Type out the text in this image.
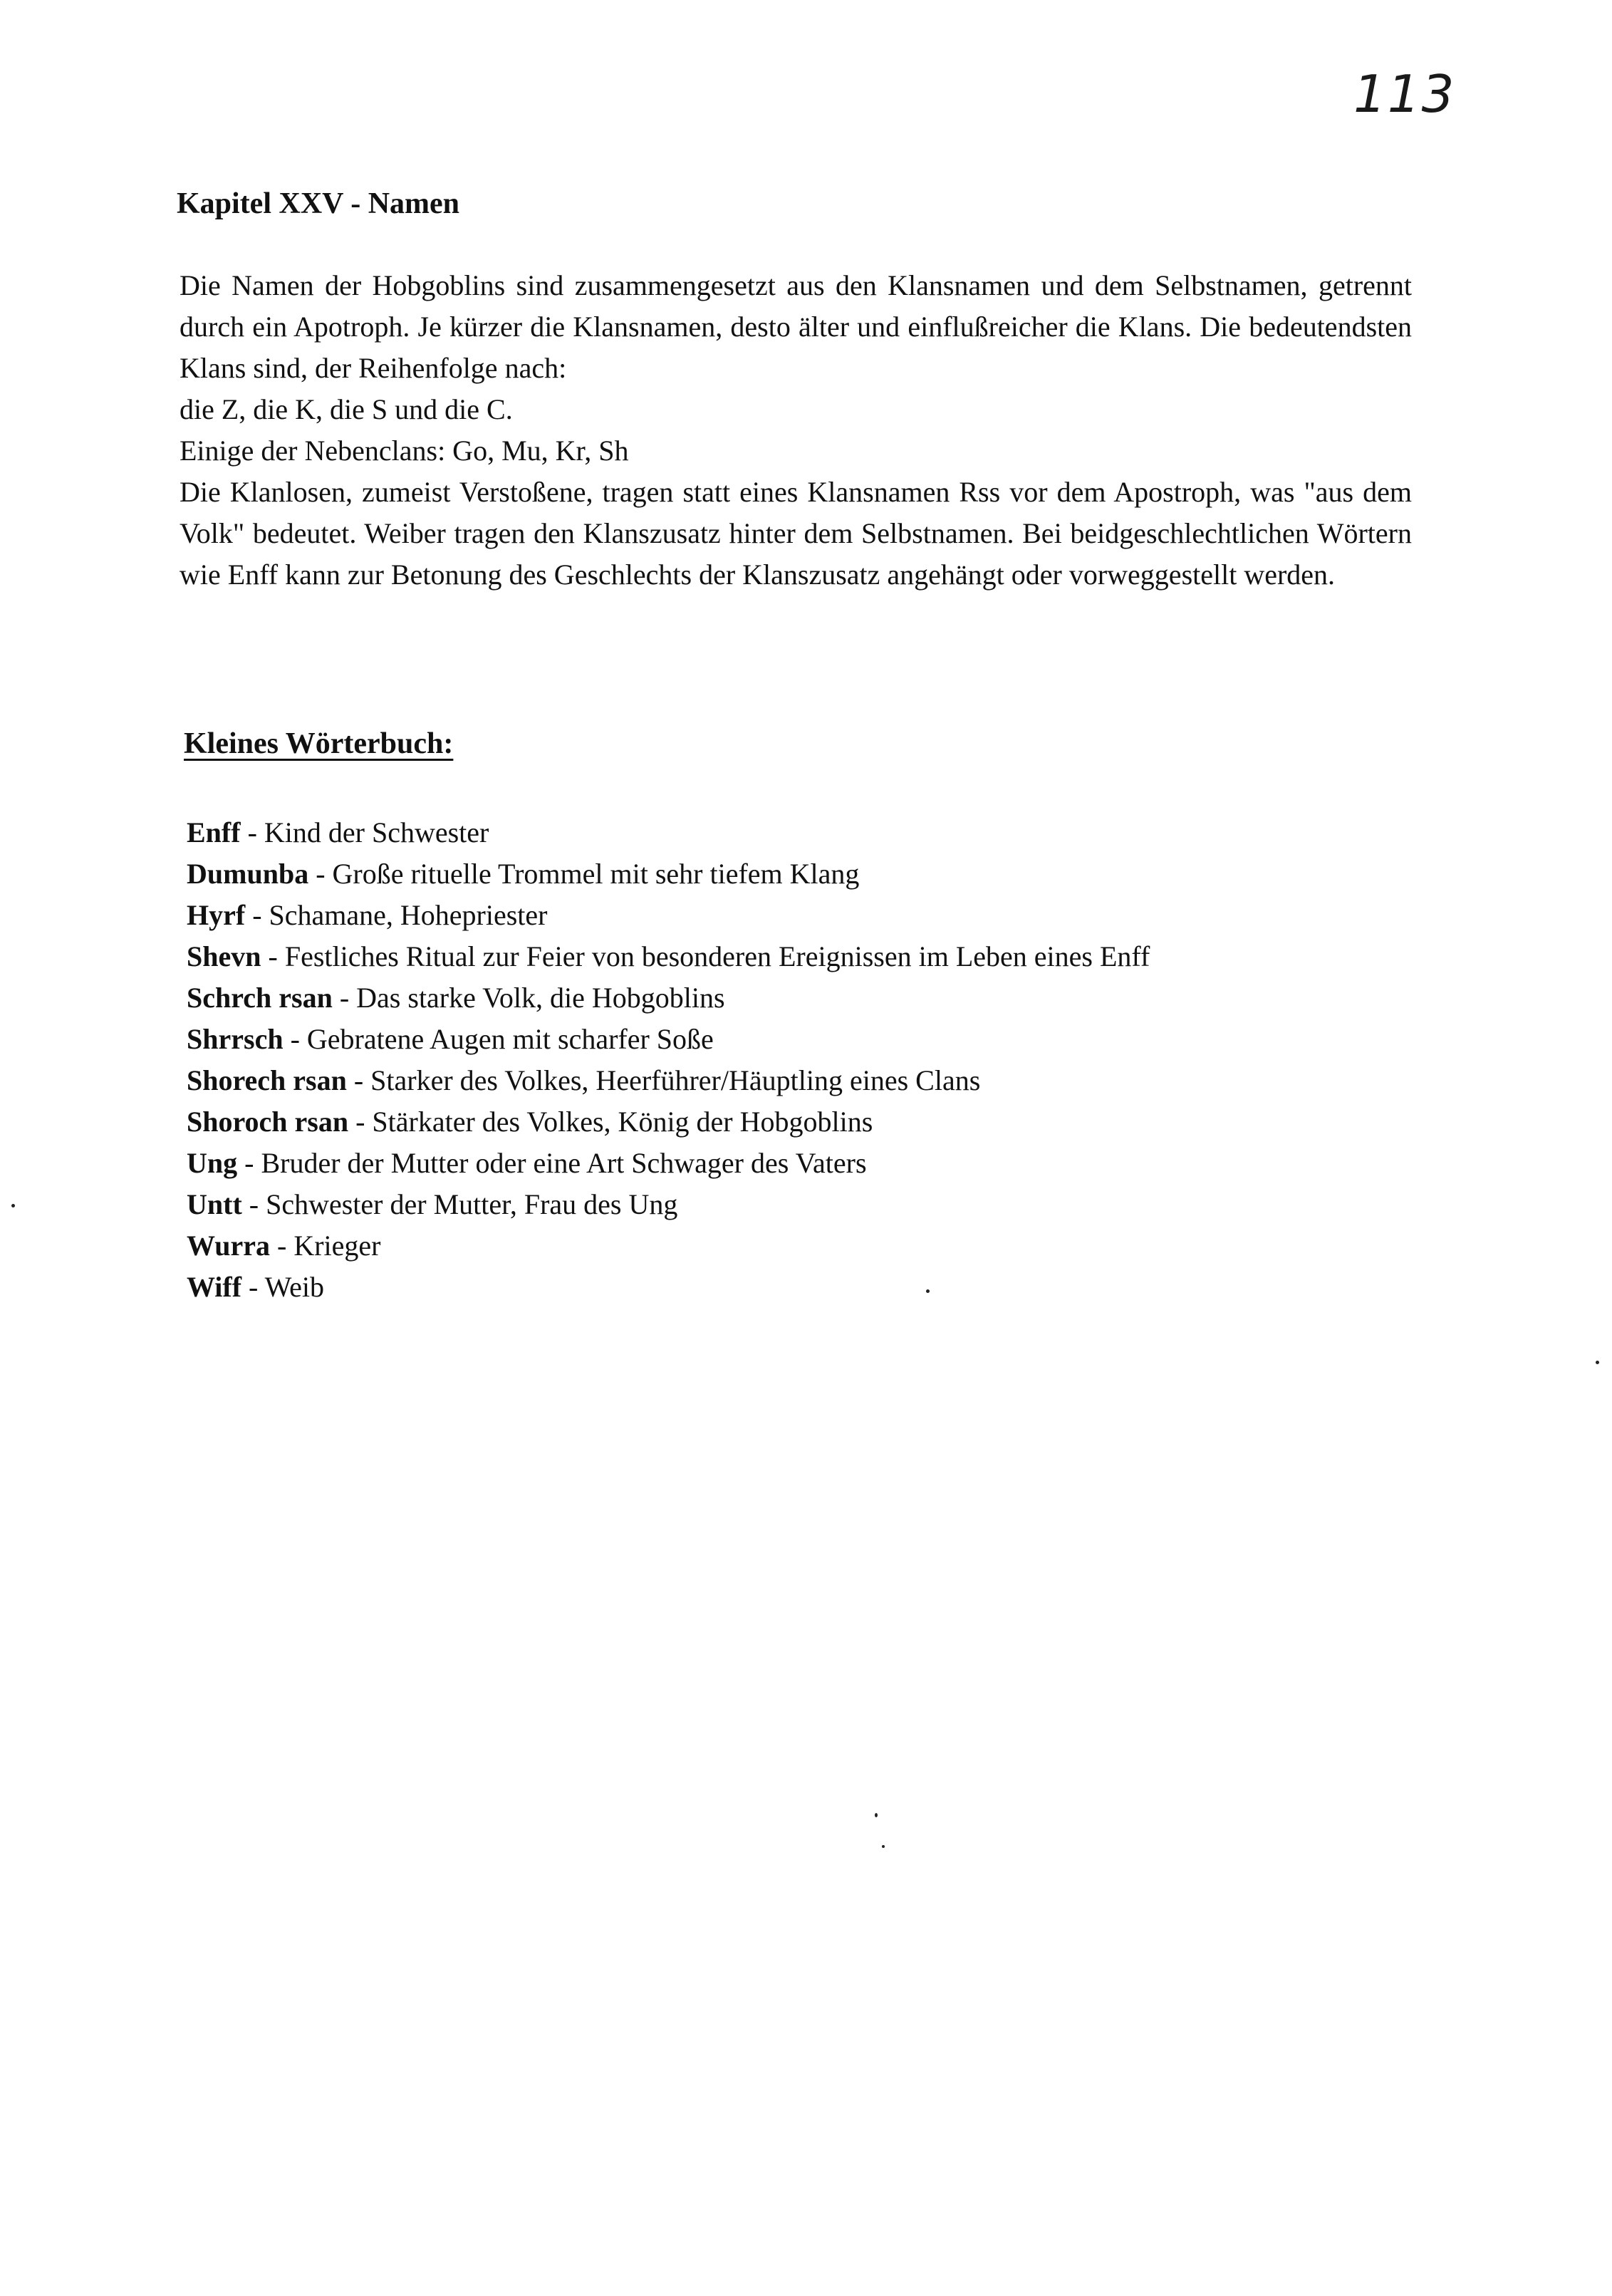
113
Kapitel XXV - Namen

Die Namen der Hobgoblins sind zusammengesetzt aus den Klansnamen und dem Selbstnamen, getrennt durch ein Apotroph. Je kürzer die Klansnamen, desto älter und einflußreicher die Klans. Die bedeutendsten Klans sind, der Reihenfolge nach:

die Z, die K, die S und die C.

Einige der Nebenclans: Go, Mu, Kr, Sh

Die Klanlosen, zumeist Verstoßene, tragen statt eines Klansnamen Rss vor dem Apostroph, was "aus dem Volk" bedeutet. Weiber tragen den Klanszusatz hinter dem Selbstnamen. Bei beidgeschlechtlichen Wörtern wie Enff kann zur Betonung des Geschlechts der Klanszusatz angehängt oder vorweggestellt werden.

Kleines Wörterbuch:
Enff - Kind der Schwester
Dumunba - Große rituelle Trommel mit sehr tiefem Klang
Hyrf - Schamane, Hohepriester
Shevn - Festliches Ritual zur Feier von besonderen Ereignissen im Leben eines Enff
Schrch rsan - Das starke Volk, die Hobgoblins
Shrrsch - Gebratene Augen mit scharfer Soße
Shorech rsan - Starker des Volkes, Heerführer/Häuptling eines Clans
Shoroch rsan - Stärkater des Volkes, König der Hobgoblins
Ung - Bruder der Mutter oder eine Art Schwager des Vaters
Untt - Schwester der Mutter, Frau des Ung
Wurra - Krieger
Wiff - Weib
